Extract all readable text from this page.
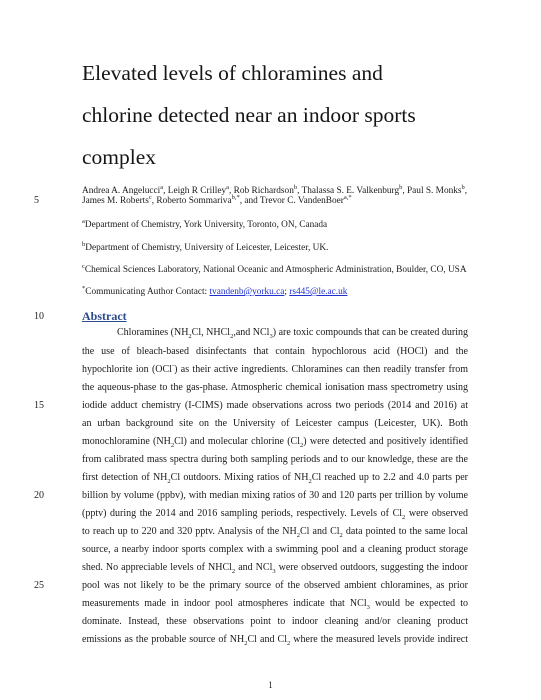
Elevated levels of chloramines and
chlorine detected near an indoor sports
complex
Andrea A. Angelucci$^a$, Leigh R Crilley$^a$, Rob Richardson$^b$, Thalassa S. E. Valkenburg$^b$, Paul S. Monks$^b$,
5	James M. Roberts$^c$, Roberto Sommariva$^{b,*}$, and Trevor C. VandenBoer$^{a,*}$
$^a$Department of Chemistry, York University, Toronto, ON, Canada
$^b$Department of Chemistry, University of Leicester, Leicester, UK.
$^c$Chemical Sciences Laboratory, National Oceanic and Atmospheric Administration, Boulder, CO, USA
*Communicating Author Contact: tvandenb@yorku.ca; rs445@le.ac.uk
10	Abstract
Chloramines ($NH_2Cl$, NHCl$_2$,and NCl$_3$) are toxic compounds that can be created during
the use of bleach-based disinfectants that contain hypochlorous acid (HOCl) and the
hypochlorite ion (OCl-) as their active ingredients. Chloramines can then readily transfer from
the aqueous-phase to the gas-phase. Atmospheric chemical ionisation mass spectrometry using
15	iodide adduct chemistry (I-CIMS) made observations across two periods (2014 and 2016) at
an urban background site on the University of Leicester campus (Leicester, UK). Both
monochloramine $(NH_2Cl)$ and molecular chlorine $(Cl_2)$ were detected and positively identified
from calibrated mass spectra during both sampling periods and to our knowledge, these are the
first detection of $NH_2Cl$ outdoors. Mixing ratios of $NH_2Cl$ reached up to 2.2 and 4.0 parts per
20	billion by volume (ppbv), with median mixing ratios of 30 and 120 parts per trillion by volume
(pptv) during the 2014 and 2016 sampling periods, respectively. Levels of $Cl_2$ were observed
to reach up to 220 and 320 pptv. Analysis of the $NH_2Cl$ and $Cl_2$ data pointed to the same local
source, a nearby indoor sports complex with a swimming pool and a cleaning product storage
shed. No appreciable levels of NHCl$_2$ and NCl$_3$ were observed outdoors, suggesting the indoor
25	pool was not likely to be the primary source of the observed ambient chloramines, as prior
measurements made in indoor pool atmospheres indicate that NCl$_3$ would be expected to
dominate. Instead, these observations point to indoor cleaning and/or cleaning product
emissions as the probable source of $NH_2Cl$ and $Cl_2$ where the measured levels provide indirect
1
